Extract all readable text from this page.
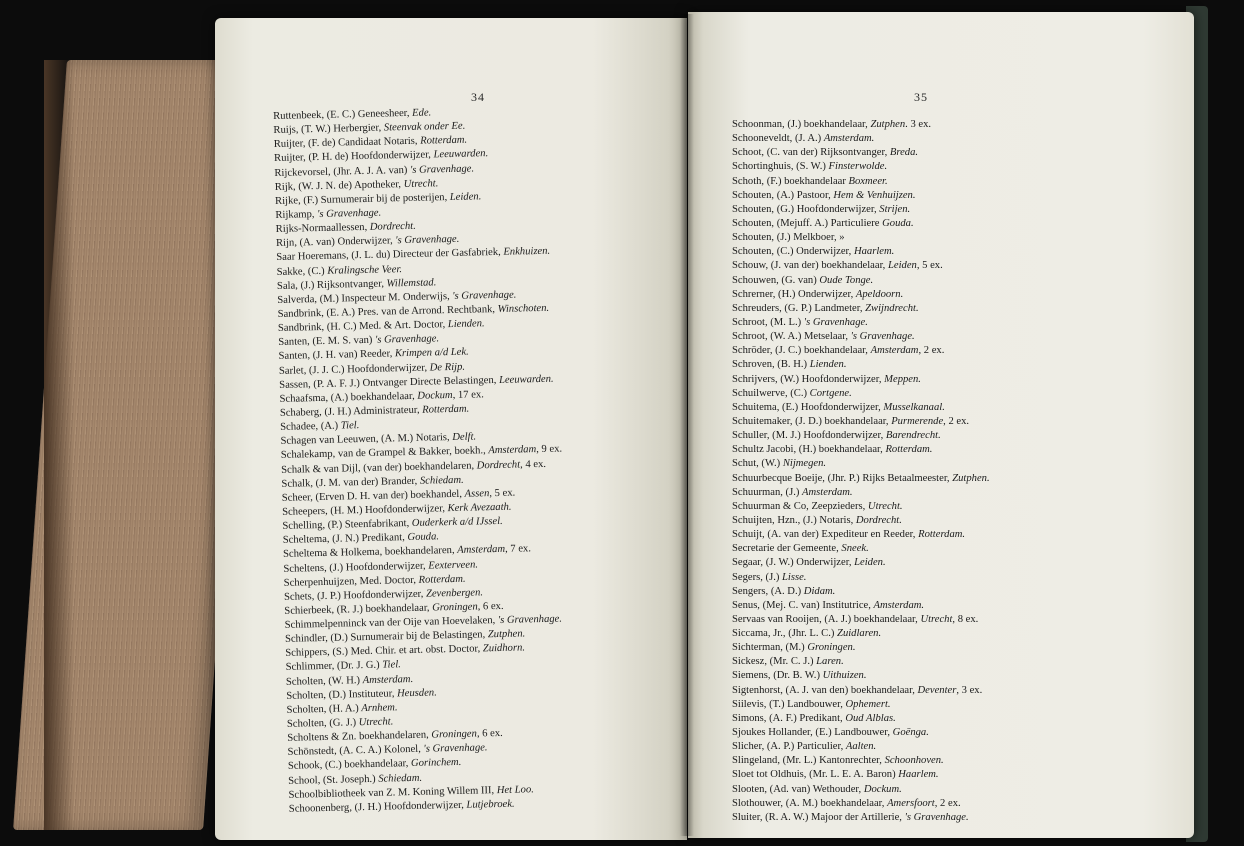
34
Ruttenbeek, (E. C.) Geneesheer, Ede.
Ruijs, (T. W.) Herbergier, Steenvak onder Ee.
Ruijter, (F. de) Candidaat Notaris, Rotterdam.
Ruijter, (P. H. de) Hoofdonderwijzer, Leeuwarden.
Rijckevorsel, (Jhr. A. J. A. van) 's Gravenhage.
Rijk, (W. J. N. de) Apotheker, Utrecht.
Rijke, (F.) Surnumerair bij de posterijen, Leiden.
Rijkamp, 's Gravenhage.
Rijks-Normaallessen, Dordrecht.
Rijn, (A. van) Onderwijzer, 's Gravenhage.
Saar Hoeremans, (J. L. du) Directeur der Gasfabriek, Enkhuizen.
Sakke, (C.) Kralingsche Veer.
Sala, (J.) Rijksontvanger, Willemstad.
Salverda, (M.) Inspecteur M. Onderwijs, 's Gravenhage.
Sandbrink, (E. A.) Pres. van de Arrond. Rechtbank, Winschoten.
Sandbrink, (H. C.) Med. & Art. Doctor, Lienden.
Santen, (E. M. S. van) 's Gravenhage.
Santen, (J. H. van) Reeder, Krimpen a/d Lek.
Sarlet, (J. J. C.) Hoofdonderwijzer, De Rijp.
Sassen, (P. A. F. J.) Ontvanger Directe Belastingen, Leeuwarden.
Schaafsma, (A.) boekhandelaar, Dockum, 17 ex.
Schaberg, (J. H.) Administrateur, Rotterdam.
Schadee, (A.) Tiel.
Schagen van Leeuwen, (A. M.) Notaris, Delft.
Schalekamp, van de Grampel & Bakker, boekh., Amsterdam, 9 ex.
Schalk & van Dijl, (van der) boekhandelaren, Dordrecht, 4 ex.
Schalk, (J. M. van der) Brander, Schiedam.
Scheer, (Erven D. H. van der) boekhandel, Assen, 5 ex.
Scheepers, (H. M.) Hoofdonderwijzer, Kerk Avezaath.
Schelling, (P.) Steenfabrikant, Ouderkerk a/d IJssel.
Scheltema, (J. N.) Predikant, Gouda.
Scheltema & Holkema, boekhandelaren, Amsterdam, 7 ex.
Scheltens, (J.) Hoofdonderwijzer, Eexterveen.
Scherpenhuijzen, Med. Doctor, Rotterdam.
Schets, (J. P.) Hoofdonderwijzer, Zevenbergen.
Schierbeek, (R. J.) boekhandelaar, Groningen, 6 ex.
Schimmelpenninck van der Oije van Hoevelaken, 's Gravenhage.
Schindler, (D.) Surnumerair bij de Belastingen, Zutphen.
Schippers, (S.) Med. Chir. et art. obst. Doctor, Zuidhorn.
Schlimmer, (Dr. J. G.) Tiel.
Scholten, (W. H.) Amsterdam.
Scholten, (D.) Instituteur, Heusden.
Scholten, (H. A.) Arnhem.
Scholten, (G. J.) Utrecht.
Scholtens & Zn. boekhandelaren, Groningen, 6 ex.
Schönstedt, (A. C. A.) Kolonel, 's Gravenhage.
Schook, (C.) boekhandelaar, Gorinchem.
School, (St. Joseph.) Schiedam.
Schoolbibliotheek van Z. M. Koning Willem III, Het Loo.
Schoonenberg, (J. H.) Hoofdonderwijzer, Lutjebroek.
35
Schoonman, (J.) boekhandelaar, Zutphen. 3 ex.
Schooneveldt, (J. A.) Amsterdam.
Schoot, (C. van der) Rijksontvanger, Breda.
Schortinghuis, (S. W.) Finsterwolde.
Schoth, (F.) boekhandelaar Boxmeer.
Schouten, (A.) Pastoor, Hem & Venhuijzen.
Schouten, (G.) Hoofdonderwijzer, Strijen.
Schouten, (Mejuff. A.) Particuliere Gouda.
Schouten, (J.) Melkboer, »
Schouten, (C.) Onderwijzer, Haarlem.
Schouw, (J. van der) boekhandelaar, Leiden, 5 ex.
Schouwen, (G. van) Oude Tonge.
Schrerner, (H.) Onderwijzer, Apeldoorn.
Schreuders, (G. P.) Landmeter, Zwijndrecht.
Schroot, (M. L.) 's Gravenhage.
Schroot, (W. A.) Metselaar, 's Gravenhage.
Schröder, (J. C.) boekhandelaar, Amsterdam, 2 ex.
Schroven, (B. H.) Lienden.
Schrijvers, (W.) Hoofdonderwijzer, Meppen.
Schuilwerve, (C.) Cortgene.
Schuitema, (E.) Hoofdonderwijzer, Musselkanaal.
Schuitemaker, (J. D.) boekhandelaar, Purmerende, 2 ex.
Schuller, (M. J.) Hoofdonderwijzer, Barendrecht.
Schultz Jacobi, (H.) boekhandelaar, Rotterdam.
Schut, (W.) Nijmegen.
Schuurbecque Boeije, (Jhr. P.) Rijks Betaalmeester, Zutphen.
Schuurman, (J.) Amsterdam.
Schuurman & Co, Zeepzieders, Utrecht.
Schuijten, Hzn., (J.) Notaris, Dordrecht.
Schuijt, (A. van der) Expediteur en Reeder, Rotterdam.
Secretarie der Gemeente, Sneek.
Segaar, (J. W.) Onderwijzer, Leiden.
Segers, (J.) Lisse.
Sengers, (A. D.) Didam.
Senus, (Mej. C. van) Institutrice, Amsterdam.
Servaas van Rooijen, (A. J.) boekhandelaar, Utrecht, 8 ex.
Siccama, Jr., (Jhr. L. C.) Zuidlaren.
Sichterman, (M.) Groningen.
Sickesz, (Mr. C. J.) Laren.
Siemens, (Dr. B. W.) Uithuizen.
Sigtenhorst, (A. J. van den) boekhandelaar, Deventer, 3 ex.
Siilevis, (T.) Landbouwer, Ophemert.
Simons, (A. F.) Predikant, Oud Alblas.
Sjoukes Hollander, (E.) Landbouwer, Goënga.
Slicher, (A. P.) Particulier, Aalten.
Slingeland, (Mr. L.) Kantonrechter, Schoonhoven.
Sloet tot Oldhuis, (Mr. L. E. A. Baron) Haarlem.
Slooten, (Ad. van) Wethouder, Dockum.
Slothouwer, (A. M.) boekhandelaar, Amersfoort, 2 ex.
Sluiter, (R. A. W.) Majoor der Artillerie, 's Gravenhage.
